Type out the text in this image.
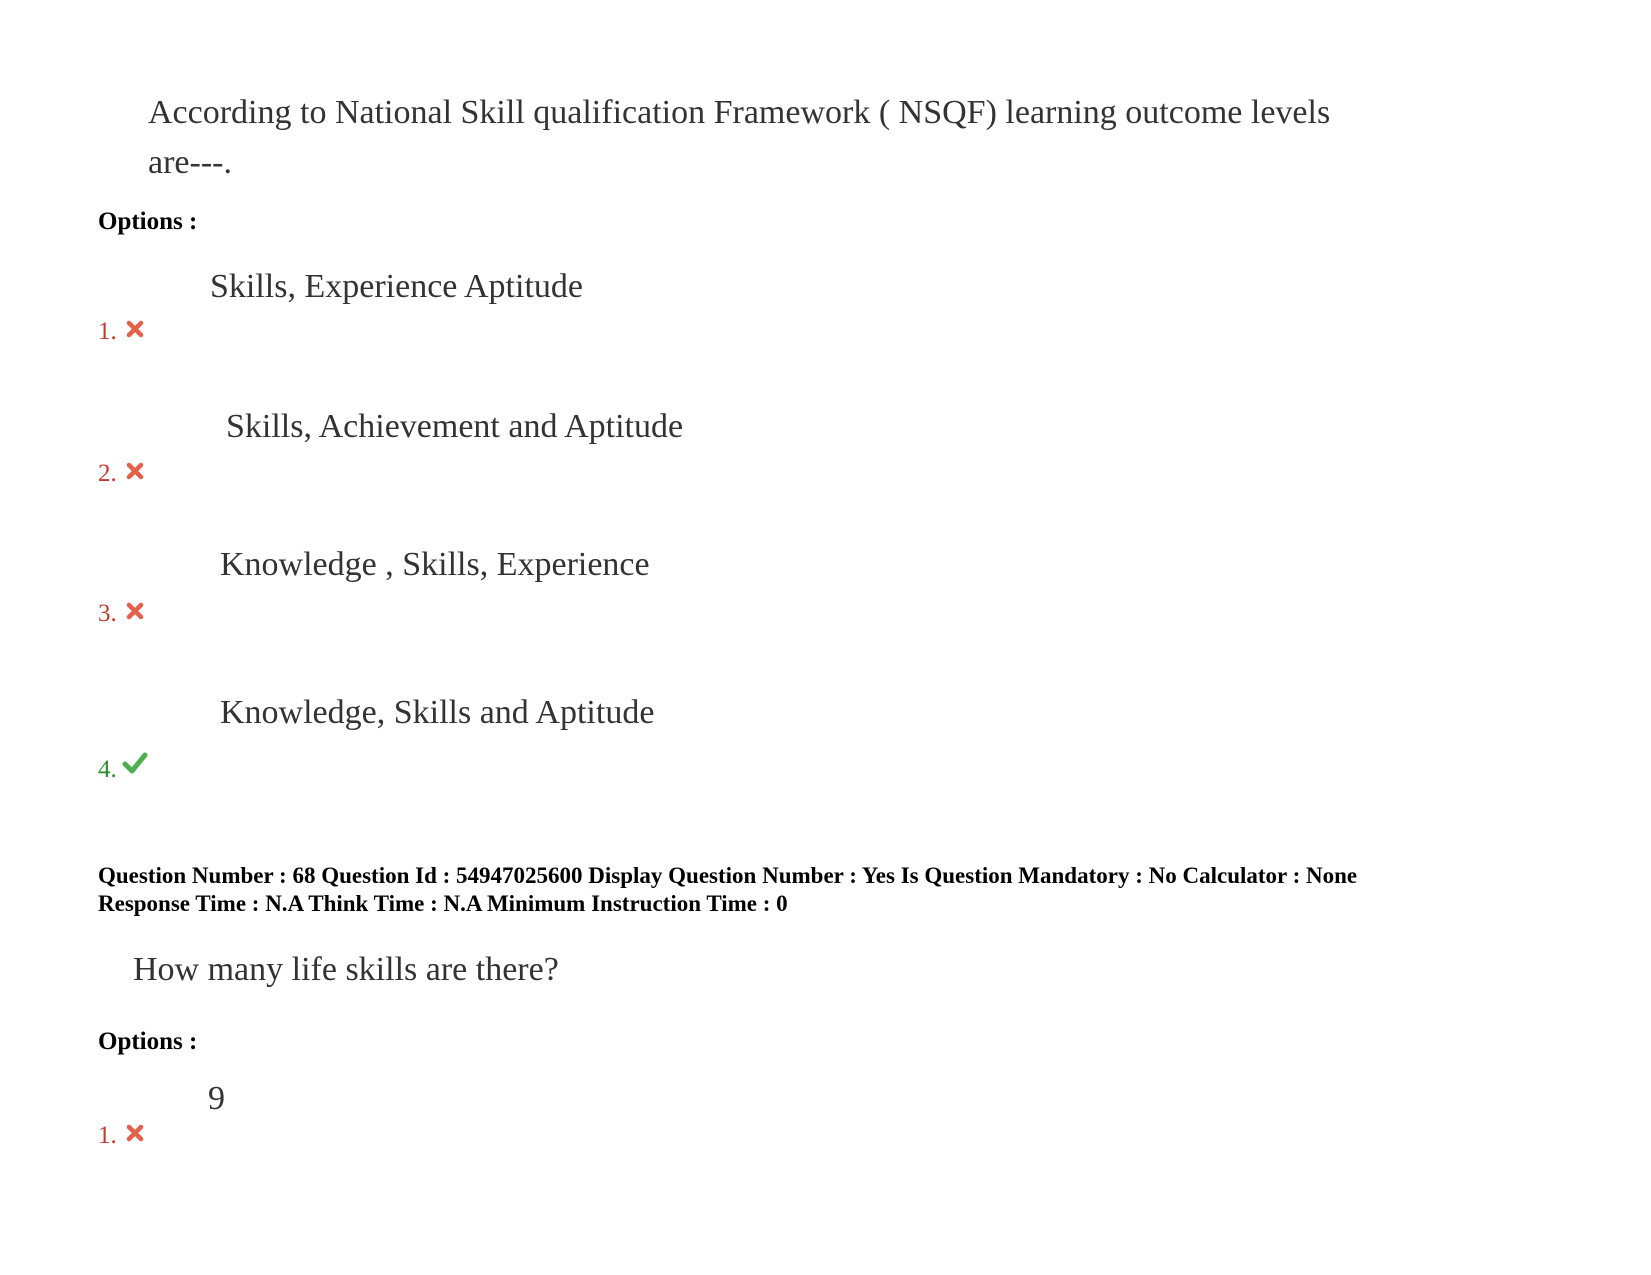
According to National Skill qualification Framework ( NSQF) learning outcome levels
are---.
Options :
Skills, Experience Aptitude
1.
Skills, Achievement and Aptitude
2.
Knowledge , Skills, Experience
3.
Knowledge, Skills and Aptitude
4.
Question Number : 68 Question Id : 54947025600 Display Question Number : Yes Is Question Mandatory : No Calculator : None
Response Time : N.A Think Time : N.A Minimum Instruction Time : 0
How many life skills are there?
Options :
9
1.
